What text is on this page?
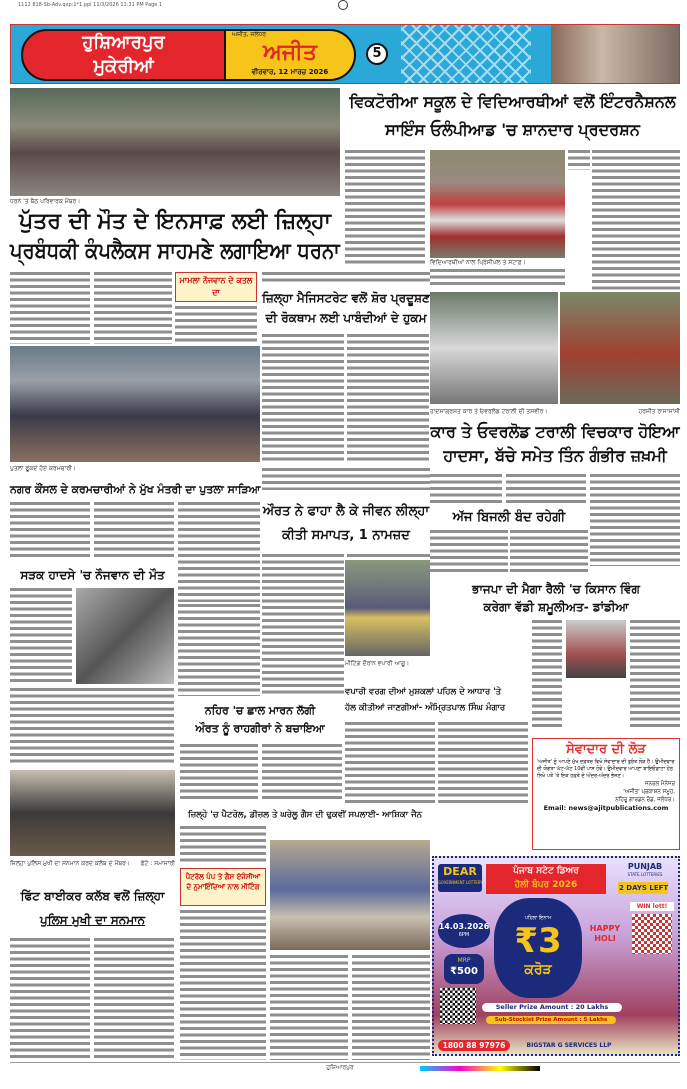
1112 818-Sb-Adv.qxp:1*1.ppl 11/3/2026 11:31 PM Page 1
ਹੁਸ਼ਿਆਰਪੁਰ
ਮੁਕੇਰੀਆਂ
ਅਜੀਤ, ਜਲੰਧਰ
ਅਜੀਤ
ਵੀਰਵਾਰ, 12 ਮਾਰਚ 2026
5
ਧਰਨੇ 'ਤੇ ਬੈਠੇ ਪਰਿਵਾਰਕ ਮੈਂਬਰ।
ਪੁੱਤਰ ਦੀ ਮੌਤ ਦੇ ਇਨਸਾਫ਼ ਲਈ ਜ਼ਿਲ੍ਹਾ
ਪ੍ਰਬੰਧਕੀ ਕੰਪਲੈਕਸ ਸਾਹਮਣੇ ਲਗਾਇਆ ਧਰਨਾ
ਮਾਮਲਾ ਨੌਜਵਾਨ ਦੇ ਕਤਲ ਦਾ
ਵਿਕਟੋਰੀਆ ਸਕੂਲ ਦੇ ਵਿਦਿਆਰਥੀਆਂ ਵਲੋਂ ਇੰਟਰਨੈਸ਼ਨਲ
ਸਾਇੰਸ ਓਲੰਪੀਆਡ 'ਚ ਸ਼ਾਨਦਾਰ ਪ੍ਰਦਰਸ਼ਨ
ਵਿਦਿਆਰਥੀਆਂ ਨਾਲ ਪ੍ਰਿੰਸੀਪਲ ਤੇ ਸਟਾਫ਼।
ਜ਼ਿਲ੍ਹਾ ਮੈਜਿਸਟਰੇਟ ਵਲੋਂ ਸ਼ੋਰ ਪ੍ਰਦੂਸ਼ਣ
ਦੀ ਰੋਕਥਾਮ ਲਈ ਪਾਬੰਦੀਆਂ ਦੇ ਹੁਕਮ
ਪੁਤਲਾ ਫੂਕਦੇ ਹੋਏ ਕਰਮਚਾਰੀ।
ਨਗਰ ਕੌਂਸਲ ਦੇ ਕਰਮਚਾਰੀਆਂ ਨੇ ਮੁੱਖ ਮੰਤਰੀ ਦਾ ਪੁਤਲਾ ਸਾੜਿਆ
ਹਾਦਸਾਗ੍ਰਸਤ ਕਾਰ ਤੇ ਓਵਰਲੋਡ ਟਰਾਲੀ ਦੀ ਤਸਵੀਰ।	ਹਰਜੀਤ ਰਾਜਾਸਾਂਸੀ
ਕਾਰ ਤੇ ਓਵਰਲੋਡ ਟਰਾਲੀ ਵਿਚਕਾਰ ਹੋਇਆ
ਹਾਦਸਾ, ਬੱਚੇ ਸਮੇਤ ਤਿੰਨ ਗੰਭੀਰ ਜ਼ਖ਼ਮੀ
ਔਰਤ ਨੇ ਫਾਹਾ ਲੈ ਕੇ ਜੀਵਨ ਲੀਲ੍ਹਾ
ਕੀਤੀ ਸਮਾਪਤ, 1 ਨਾਮਜ਼ਦ
ਅੱਜ ਬਿਜਲੀ ਬੰਦ ਰਹੇਗੀ
ਸੜਕ ਹਾਦਸੇ 'ਚ ਨੌਜਵਾਨ ਦੀ ਮੌਤ
ਮੀਟਿੰਗ ਦੌਰਾਨ ਵਪਾਰੀ ਆਗੂ।
ਵਪਾਰੀ ਵਰਗ ਦੀਆਂ ਮੁਸ਼ਕਲਾਂ ਪਹਿਲ ਦੇ ਆਧਾਰ 'ਤੇ
ਹੱਲ ਕੀਤੀਆਂ ਜਾਣਗੀਆਂ- ਅੰਮ੍ਰਿਤਪਾਲ ਸਿੰਘ ਮੰਗਾਰ
ਭਾਜਪਾ ਦੀ ਮੈਗਾ ਰੈਲੀ 'ਚ ਕਿਸਾਨ ਵਿੰਗ
ਕਰੇਗਾ ਵੱਡੀ ਸ਼ਮੂਲੀਅਤ- ਡਾਂਡੀਆ
ਨਹਿਰ 'ਚ ਛਾਲ ਮਾਰਨ ਲੱਗੀ
ਔਰਤ ਨੂੰ ਰਾਹਗੀਰਾਂ ਨੇ ਬਚਾਇਆ
ਸੇਵਾਦਾਰ ਦੀ ਲੋੜ
'ਅਜੀਤ' ਨੂੰ ਆਪਣੇ ਮੁੱਖ ਦਫ਼ਤਰ ਵਿਖੇ ਸੇਵਾਦਾਰ ਦੀ ਤੁਰੰਤ ਲੋੜ ਹੈ। ਉਮੀਦਵਾਰ ਦੀ ਯੋਗਤਾ ਘੱਟ-ਘੱਟ 10ਵੀਂ ਪਾਸ ਹੋਵੇ। ਉਮੀਦਵਾਰ ਆਪਣਾ ਬਾਇਓਡਾਟਾ ਹੇਠ ਲਿਖੇ ਪਤੇ 'ਤੇ ਇਕ ਹਫ਼ਤੇ ਦੇ ਅੰਦਰ-ਅੰਦਰ ਭੇਜਣ।
ਜਨਰਲ ਮੈਨੇਜਰ
'ਅਜੀਤ' ਪ੍ਰਕਾਸ਼ਨ ਸਮੂਹ,
ਨਹਿਰੂ ਗਾਰਡਨ ਰੋਡ, ਜਲੰਧਰ।
Email: news@ajitpublications.com
ਜ਼ਿਲ੍ਹੇ 'ਚ ਪੈਟਰੋਲ, ਡੀਜ਼ਲ ਤੇ ਘਰੇਲੂ ਗੈਸ ਦੀ ਢੁਕਵੀਂ ਸਪਲਾਈ- ਆਸ਼ਿਕਾ ਜੈਨ
ਪੈਟਰੋਲ ਪੰਪ ਤੇ ਗੈਸ ਏਜੰਸੀਆਂ ਦੇ ਨੁਮਾਇੰਦਿਆਂ ਨਾਲ ਮੀਟਿੰਗ
ਜ਼ਿਲ੍ਹਾ ਪੁਲਿਸ ਮੁਖੀ ਦਾ ਸਨਮਾਨ ਕਰਦੇ ਕਲੱਬ ਦੇ ਮੈਂਬਰ।	ਫੋਟੋ : ਸਮਾਜਾਰੀ
ਫਿੱਟ ਬਾਈਕਰ ਕਲੱਬ ਵਲੋਂ ਜ਼ਿਲ੍ਹਾ
ਪੁਲਿਸ ਮੁਖੀ ਦਾ ਸਨਮਾਨ
DEAR
GOVERNMENT LOTTERY
ਪੰਜਾਬ ਸਟੇਟ ਡਿਅਰ
ਹੋਲੀ ਬੰਪਰ 2026
PUNJAB
STATE LOTTERIES
2 DAYS LEFT
WIN lott!
14.03.2026
6PM
MRP
₹500
ਪਹਿਲਾ ਇਨਾਮ
₹3
ਕਰੋੜ
HAPPY HOLI
Seller Prize Amount : 20 Lakhs
Sub-Stockist Prize Amount : 5 Lakhs
1800 88 97976	BIGSTAR G SERVICES LLP
ਹੁਸ਼ਿਆਰਪੁਰ
